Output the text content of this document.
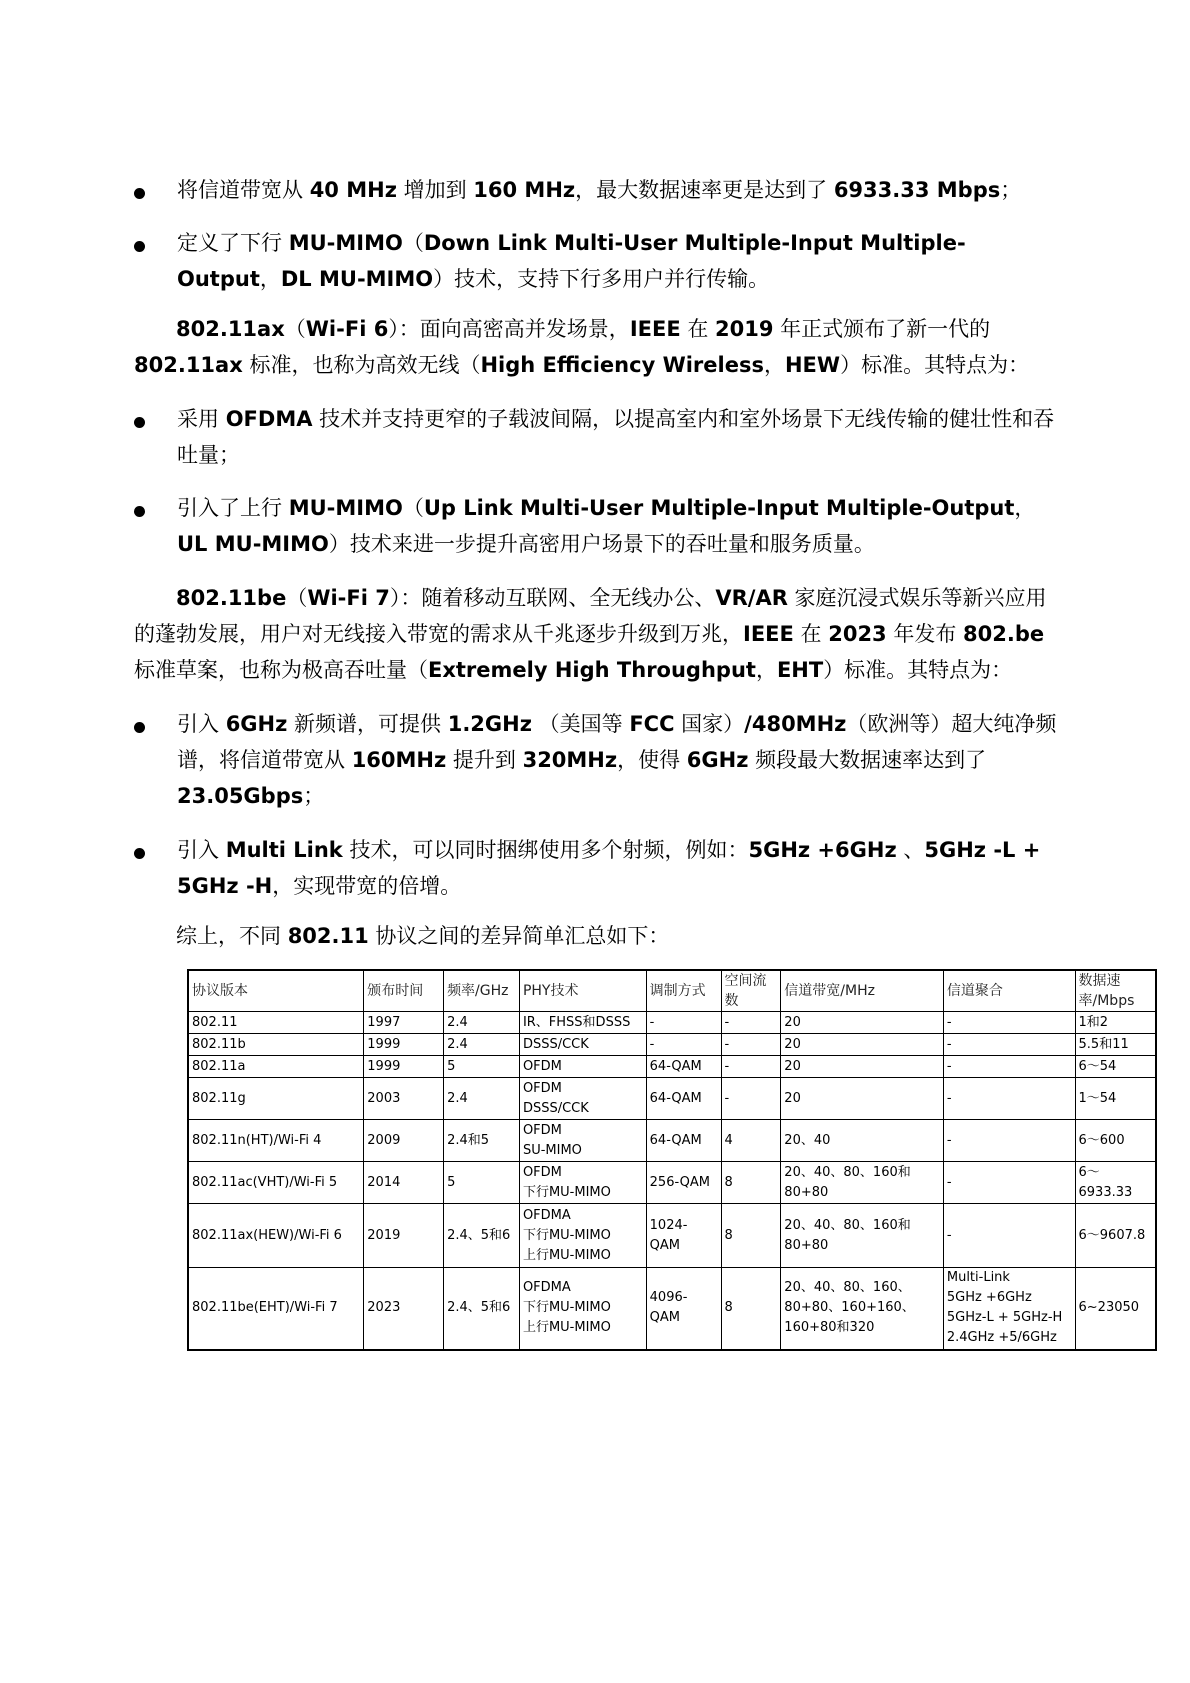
将信道带宽从 40 MHz 增加到 160 MHz，最大数据速率更是达到了 6933.33 Mbps；
定义了下行 MU-MIMO（Down Link Multi-User Multiple-Input Multiple-Output，DL MU-MIMO）技术，支持下行多用户并行传输。
802.11ax（Wi-Fi 6）：面向高密高并发场景，IEEE 在 2019 年正式颁布了新一代的 802.11ax 标准，也称为高效无线（High Efficiency Wireless，HEW）标准。其特点为：
采用 OFDMA 技术并支持更窄的子载波间隔，以提高室内和室外场景下无线传输的健壮性和吞吐量；
引入了上行 MU-MIMO（Up Link Multi-User Multiple-Input Multiple-Output，UL MU-MIMO）技术来进一步提升高密用户场景下的吞吐量和服务质量。
802.11be（Wi-Fi 7）：随着移动互联网、全无线办公、VR/AR 家庭沉浸式娱乐等新兴应用的蓬勃发展，用户对无线接入带宽的需求从千兆逐步升级到万兆，IEEE 在 2023 年发布 802.be 标准草案，也称为极高吞吐量（Extremely High Throughput，EHT）标准。其特点为：
引入 6GHz 新频谱，可提供 1.2GHz （美国等 FCC 国家）/480MHz（欧洲等）超大纯净频谱，将信道带宽从 160MHz 提升到 320MHz，使得 6GHz 频段最大数据速率达到了 23.05Gbps；
引入 Multi Link 技术，可以同时捆绑使用多个射频，例如：5GHz +6GHz 、5GHz -L + 5GHz -H，实现带宽的倍增。
综上，不同 802.11 协议之间的差异简单汇总如下：
协议版本	颁布时间	频率/GHz	PHY技术	调制方式	空间流数	信道带宽/MHz	信道聚合	数据速率/Mbps

802.11	1997	2.4	IR、FHSS和DSSS	-	-	20	-	1和2

802.11b	1999	2.4	DSSS/CCK	-	-	20	-	5.5和11

802.11a	1999	5	OFDM	64-QAM	-	20	-	6～54

802.11g	2003	2.4	OFDM
DSSS/CCK	64-QAM	-	20	-	1～54

802.11n(HT)/Wi-Fi 4	2009	2.4和5	OFDM
SU-MIMO	64-QAM	4	20、40	-	6～600

802.11ac(VHT)/Wi-Fi 5	2014	5	OFDM
下行MU-MIMO	256-QAM	8	20、40、80、160和
80+80	-	6～
6933.33

802.11ax(HEW)/Wi-Fi 6	2019	2.4、5和6	OFDMA
下行MU-MIMO
上行MU-MIMO	1024-QAM	8	20、40、80、160和
80+80	-	6～9607.8

802.11be(EHT)/Wi-Fi 7	2023	2.4、5和6	OFDMA
下行MU-MIMO
上行MU-MIMO	4096-QAM	8	20、40、80、160、
80+80、160+160、
160+80和320	Multi-Link
5GHz +6GHz
5GHz-L + 5GHz-H
2.4GHz +5/6GHz	6~23050
